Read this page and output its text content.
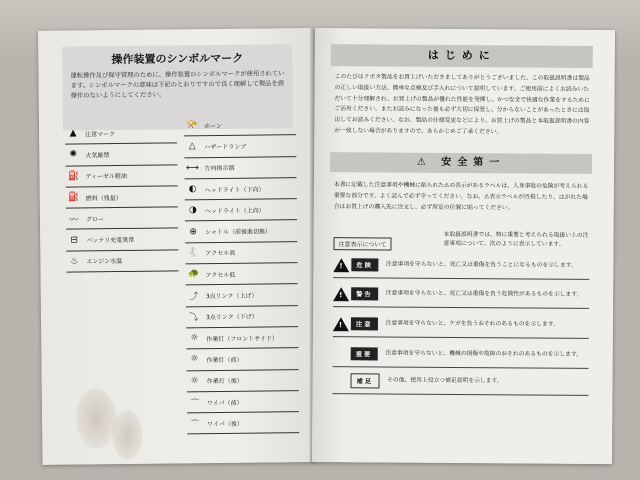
操作装置のシンボルマーク

運転操作及び保守管理のために、操作装置のシンボルマークが使用されています。シンボルマークの意味は下記のとおりですので良く理解して製品を誤操作のないようにしてください。

▲	注意マーク
✺	火気厳禁
⛽	ディーゼル軽油
⛽	燃料（残量）
〰	グロー
⊟	バッテリ充電異常
♨	エンジン水温
📯	ホーン
△	ハザードランプ
⟷ 方向指示器
◐	ヘッドライト（下向）
◑	ヘッドライト（上向）
⊕	シャトル（前後進切換）
🐇	アクセル高
🐢	アクセル低
⤴	3点リンク（上げ）
⤵	3点リンク（下げ）
☼	作業灯（フロントサイド）
☼	作業灯（前）
☼	作業灯（後）
⌒	ワイパ（前）
⌒	ワイパ（後）
はじめに
このたびはクボタ製品をお買上げいただきましてありがとうございました。この取扱説明書は製品の正しい取扱い方法、簡単な点検及び手入れについて説明しています。ご使用前によくお読みいただいて十分理解され、お買上げの製品が優れた性能を発揮し、かつ安全で快適な作業をするためにご活用ください。またお読みになった後も必ず大切に保管し、分からないことがあったときには取出してお読みください。なお、製品の仕様変更などにより、お買上げの製品と本取扱説明書の内容が一致しない場合がありますので、あらかじめご了承ください。
⚠ 安全第一
本書に記載した注意事項や機械に貼られた⚠の表示があるラベルは、人身事故の危険が考えられる重要な部分です。よく読んで必ず守ってください。なお、⚠表示ラベルが汚損したり、はがれた場合はお買上げの購入先に注文し、必ず所定の位置に貼ってください。
注意表示について
本取扱説明書では、特に重要と考えられる取扱い上の注意事項について、次のように表示しています。
!	危険	注意事項を守らないと、死亡又は重傷を負うことになるものを示します。
!	警告	注意事項を守らないと、死亡又は重傷を負う危険性があるものを示します。
!	注意	注意事項を守らないと、ケガを負うおそれのあるものを示します。
重要	注意事項を守らないと、機械の損傷や故障のおそれのあるものを示します。
補足	その他、使用上役立つ補足説明を示します。
